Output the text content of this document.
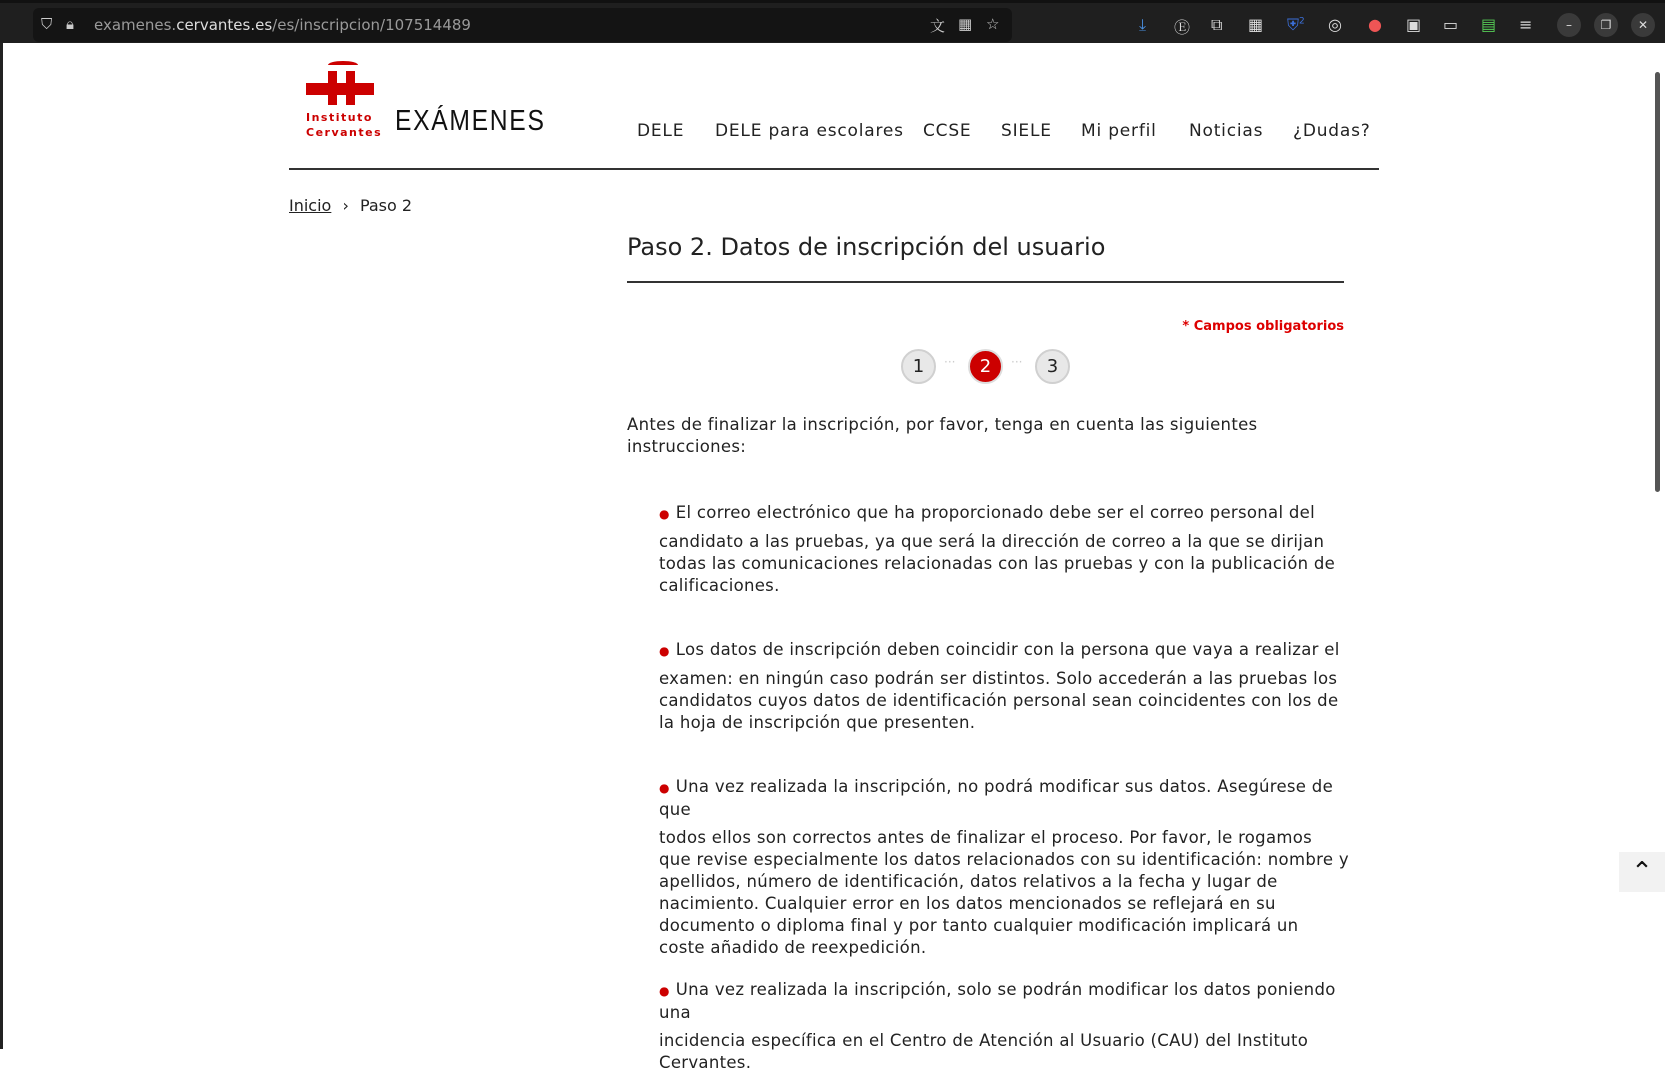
⛉ 🔒︎ examenes.cervantes.es/es/inscripcion/107514489	文 ▦ ☆	⤓ Ⓔ ⧉ ▦ ⛨$^2$ ◎ ● ▣ ▭ ▤ ≡	–	❐	✕
Instituto
Cervantes EXÁMENES	DELE DELE para escolares CCSE SIELE Mi perfil Noticias ¿Dudas?
Inicio › Paso 2
Paso 2. Datos de inscripción del usuario
* Campos obligatorios
1	···	2	···	3

Antes de finalizar la inscripción, por favor, tenga en cuenta las siguientes instrucciones:

● El correo electrónico que ha proporcionado debe ser el correo personal del
candidato a las pruebas, ya que será la dirección de correo a la que se dirijan todas las comunicaciones relacionadas con las pruebas y con la publicación de calificaciones.
● Los datos de inscripción deben coincidir con la persona que vaya a realizar el
examen: en ningún caso podrán ser distintos. Solo accederán a las pruebas los candidatos cuyos datos de identificación personal sean coincidentes con los de la hoja de inscripción que presenten.
● Una vez realizada la inscripción, no podrá modificar sus datos. Asegúrese de que
todos ellos son correctos antes de finalizar el proceso. Por favor, le rogamos que revise especialmente los datos relacionados con su identificación: nombre y apellidos, número de identificación, datos relativos a la fecha y lugar de nacimiento. Cualquier error en los datos mencionados se reflejará en su documento o diploma final y por tanto cualquier modificación implicará un coste añadido de reexpedición.
● Una vez realizada la inscripción, solo se podrán modificar los datos poniendo una
incidencia específica en el Centro de Atención al Usuario (CAU) del Instituto Cervantes.
⌃
